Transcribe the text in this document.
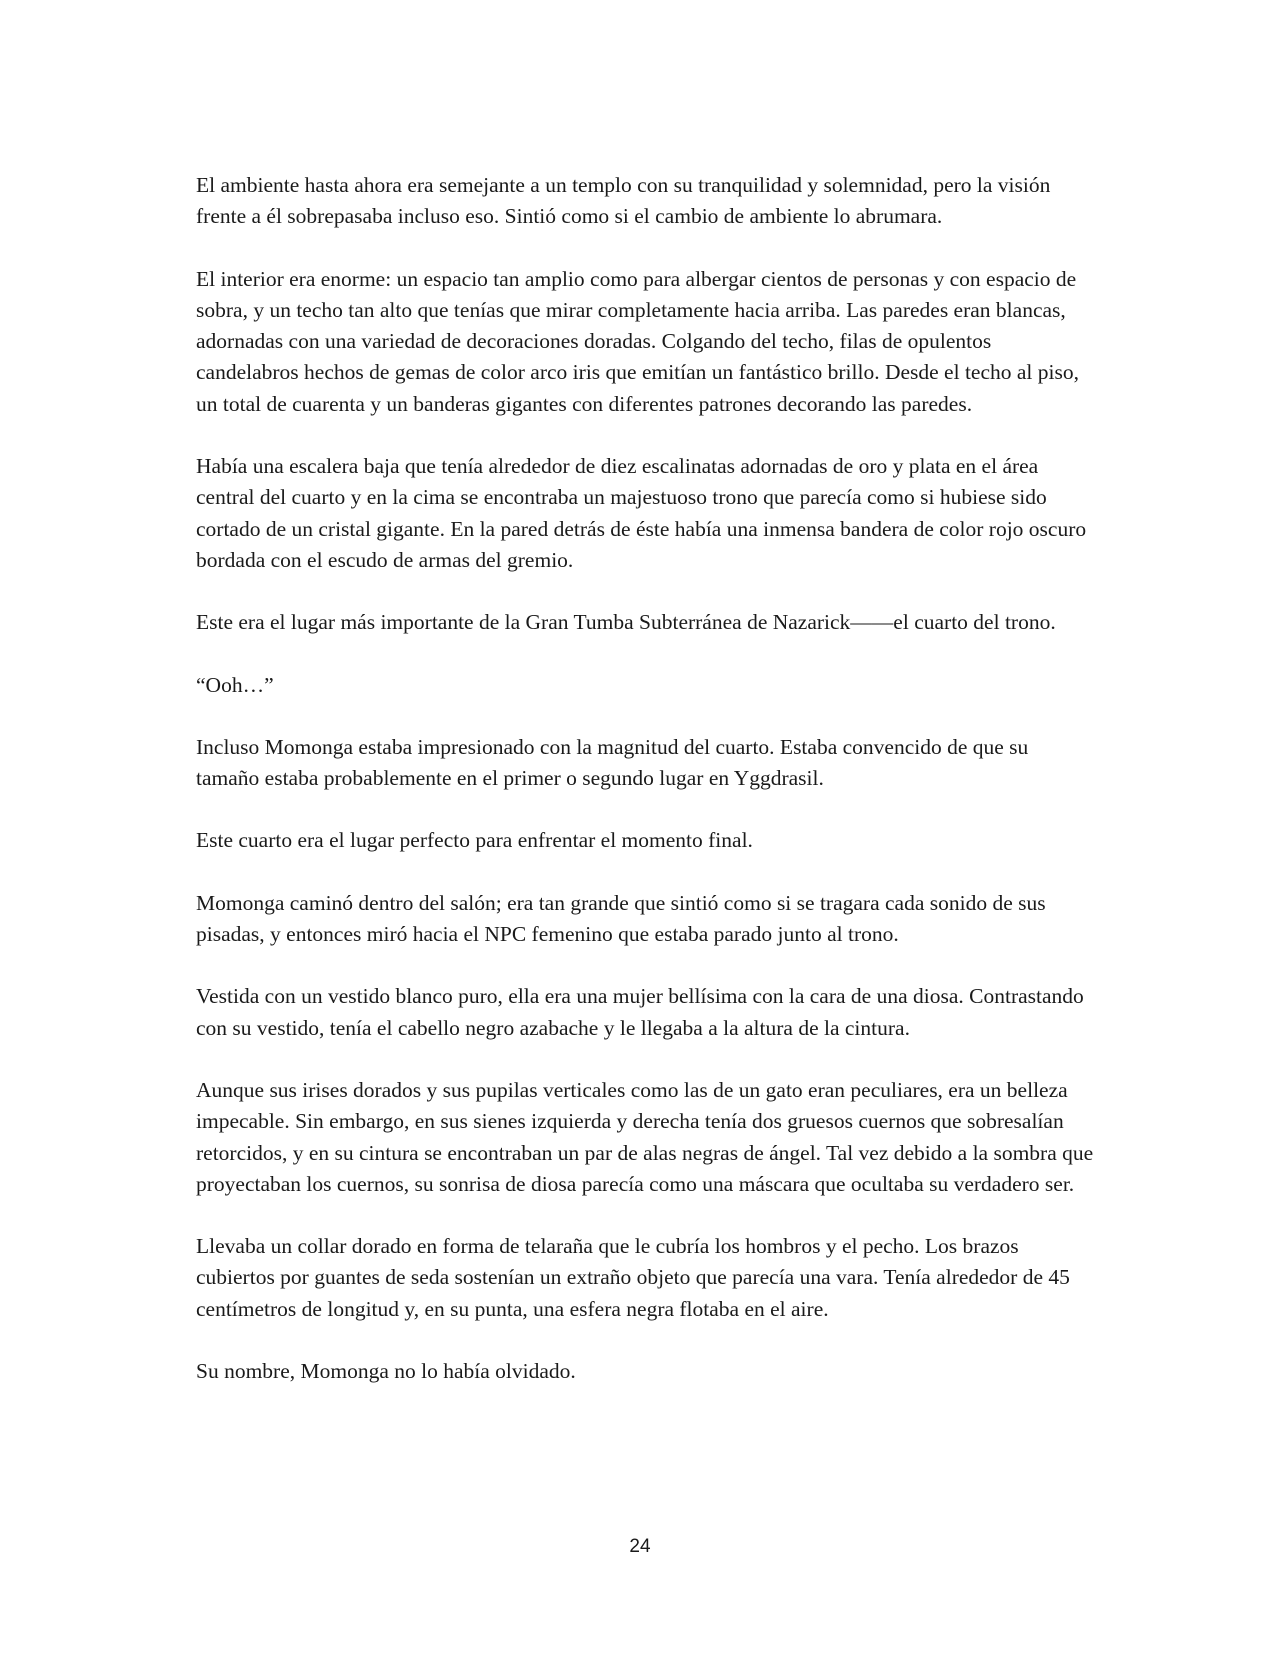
El ambiente hasta ahora era semejante a un templo con su tranquilidad y solemnidad, pero la visión frente a él sobrepasaba incluso eso. Sintió como si el cambio de ambiente lo abrumara.

El interior era enorme: un espacio tan amplio como para albergar cientos de personas y con espacio de sobra, y un techo tan alto que tenías que mirar completamente hacia arriba. Las paredes eran blancas, adornadas con una variedad de decoraciones doradas. Colgando del techo, filas de opulentos candelabros hechos de gemas de color arco iris que emitían un fantástico brillo. Desde el techo al piso, un total de cuarenta y un banderas gigantes con diferentes patrones decorando las paredes.

Había una escalera baja que tenía alrededor de diez escalinatas adornadas de oro y plata en el área central del cuarto y en la cima se encontraba un majestuoso trono que parecía como si hubiese sido cortado de un cristal gigante. En la pared detrás de éste había una inmensa bandera de color rojo oscuro bordada con el escudo de armas del gremio.

Este era el lugar más importante de la Gran Tumba Subterránea de Nazarick——el cuarto del trono.

“Ooh…”

Incluso Momonga estaba impresionado con la magnitud del cuarto. Estaba convencido de que su tamaño estaba probablemente en el primer o segundo lugar en Yggdrasil.

Este cuarto era el lugar perfecto para enfrentar el momento final.

Momonga caminó dentro del salón; era tan grande que sintió como si se tragara cada sonido de sus pisadas, y entonces miró hacia el NPC femenino que estaba parado junto al trono.

Vestida con un vestido blanco puro, ella era una mujer bellísima con la cara de una diosa. Contrastando con su vestido, tenía el cabello negro azabache y le llegaba a la altura de la cintura.

Aunque sus irises dorados y sus pupilas verticales como las de un gato eran peculiares, era un belleza impecable. Sin embargo, en sus sienes izquierda y derecha tenía dos gruesos cuernos que sobresalían retorcidos, y en su cintura se encontraban un par de alas negras de ángel. Tal vez debido a la sombra que proyectaban los cuernos, su sonrisa de diosa parecía como una máscara que ocultaba su verdadero ser.

Llevaba un collar dorado en forma de telaraña que le cubría los hombros y el pecho. Los brazos cubiertos por guantes de seda sostenían un extraño objeto que parecía una vara. Tenía alrededor de 45 centímetros de longitud y, en su punta, una esfera negra flotaba en el aire.

Su nombre, Momonga no lo había olvidado.

24
